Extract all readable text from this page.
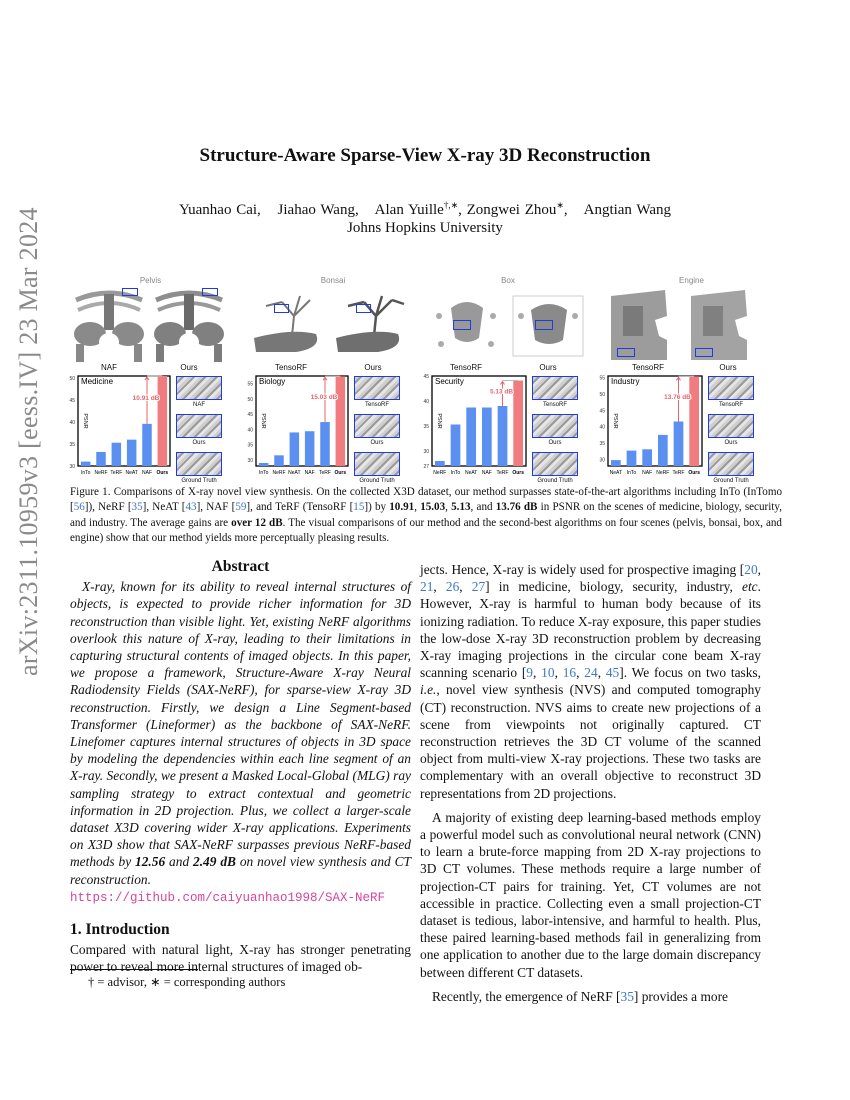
arXiv:2311.10959v3 [eess.IV] 23 Mar 2024
Structure-Aware Sparse-View X-ray 3D Reconstruction
Yuanhao Cai, Jiahao Wang, Alan Yuille†,∗, Zongwei Zhou∗, Angtian Wang
Johns Hopkins University
Pelvis
NAF	Ours
Bonsai
TensoRF	Ours
Box
TensoRF	Ours
Engine
TensoRF	Ours
30
35
40
45
50
PSNR
Medicine
InTo NeRF TeRF NeAT NAF Ours
10.91 dB
NAF
Ours
Ground Truth
30
35
40
45
50
55
PSNR
Biology
InTo NeRF NeAT NAF TeRF Ours
15.03 dB
TensoRF
Ours
Ground Truth
27
30
35
40
45
PSNR
Security
NeRF InTo NeAT NAF TeRF Ours
5.13 dB
TensoRF
Ours
Ground Truth
30
35
40
45
50
55
PSNR
Industry
NeAT InTo NAF NeRF TeRF Ours
13.76 dB
TensoRF
Ours
Ground Truth
Figure 1. Comparisons of X-ray novel view synthesis. On the collected X3D dataset, our method surpasses state-of-the-art algorithms including InTo (InTomo [56]), NeRF [35], NeAT [43], NAF [59], and TeRF (TensoRF [15]) by 10.91, 15.03, 5.13, and 13.76 dB in PSNR on the scenes of medicine, biology, security, and industry. The average gains are over 12 dB. The visual comparisons of our method and the second-best algorithms on four scenes (pelvis, bonsai, box, and engine) show that our method yields more perceptually pleasing results.
Abstract

X-ray, known for its ability to reveal internal structures of objects, is expected to provide richer information for 3D reconstruction than visible light. Yet, existing NeRF algorithms overlook this nature of X-ray, leading to their limitations in capturing structural contents of imaged objects. In this paper, we propose a framework, Structure-Aware X-ray Neural Radiodensity Fields (SAX-NeRF), for sparse-view X-ray 3D reconstruction. Firstly, we design a Line Segment-based Transformer (Lineformer) as the backbone of SAX-NeRF. Linefomer captures internal structures of objects in 3D space by modeling the dependencies within each line segment of an X-ray. Secondly, we present a Masked Local-Global (MLG) ray sampling strategy to extract contextual and geometric information in 2D projection. Plus, we collect a larger-scale dataset X3D covering wider X-ray applications. Experiments on X3D show that SAX-NeRF surpasses previous NeRF-based methods by 12.56 and 2.49 dB on novel view synthesis and CT reconstruction. https://github.com/caiyuanhao1998/SAX-NeRF

1. Introduction

Compared with natural light, X-ray has stronger penetrating power to reveal more internal structures of imaged ob-

† = advisor, ∗ = corresponding authors

jects. Hence, X-ray is widely used for prospective imaging [20, 21, 26, 27] in medicine, biology, security, industry, etc. However, X-ray is harmful to human body because of its ionizing radiation. To reduce X-ray exposure, this paper studies the low-dose X-ray 3D reconstruction problem by decreasing X-ray imaging projections in the circular cone beam X-ray scanning scenario [9, 10, 16, 24, 45]. We focus on two tasks, i.e., novel view synthesis (NVS) and computed tomography (CT) reconstruction. NVS aims to create new projections of a scene from viewpoints not originally captured. CT reconstruction retrieves the 3D CT volume of the scanned object from multi-view X-ray projections. These two tasks are complementary with an overall objective to reconstruct 3D representations from 2D projections.

A majority of existing deep learning-based methods employ a powerful model such as convolutional neural network (CNN) to learn a brute-force mapping from 2D X-ray projections to 3D CT volumes. These methods require a large number of projection-CT pairs for training. Yet, CT volumes are not accessible in practice. Collecting even a small projection-CT dataset is tedious, labor-intensive, and harmful to health. Plus, these paired learning-based methods fail in generalizing from one application to another due to the large domain discrepancy between different CT datasets.

Recently, the emergence of NeRF [35] provides a more
